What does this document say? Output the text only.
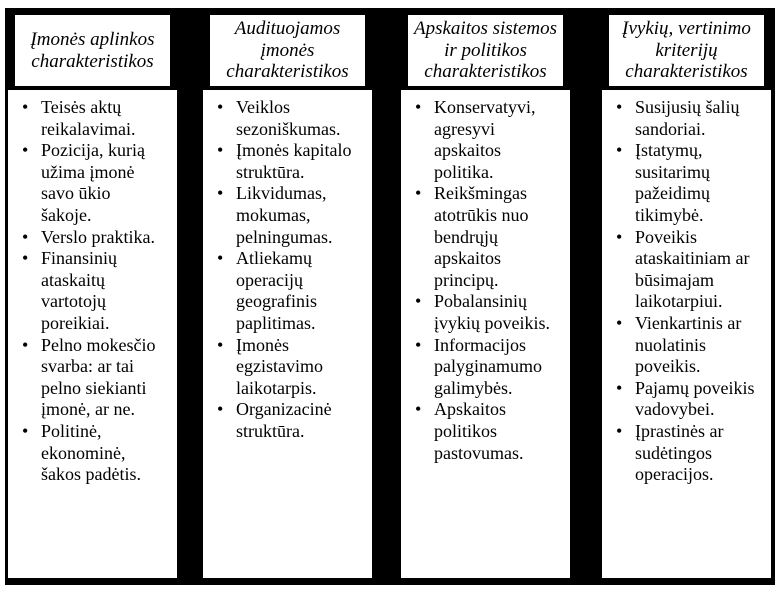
Įmonės aplinkos charakteristikos
• Teisės aktų reikalavimai.
• Pozicija, kurią užima įmonė savo ūkio šakoje.
• Verslo praktika.
• Finansinių ataskaitų vartotojų poreikiai.
• Pelno mokesčio svarba: ar tai pelno siekianti įmonė, ar ne.
• Politinė, ekonominė, šakos padėtis.
Audituojamos įmonės charakteristikos
• Veiklos sezoniškumas.
• Įmonės kapitalo struktūra.
• Likvidumas, mokumas, pelningumas.
• Atliekamų operacijų geografinis paplitimas.
• Įmonės egzistavimo laikotarpis.
• Organizacinė struktūra.
Apskaitos sistemos ir politikos charakteristikos
• Konservatyvi, agresyvi apskaitos politika.
• Reikšmingas atotrūkis nuo bendrųjų apskaitos principų.
• Pobalansinių įvykių poveikis.
• Informacijos palyginamumo galimybės.
• Apskaitos politikos pastovumas.
Įvykių, vertinimo kriterijų charakteristikos
• Susijusių šalių sandoriai.
• Įstatymų, susitarimų pažeidimų tikimybė.
• Poveikis ataskaitiniam ar būsimajam laikotarpiui.
• Vienkartinis ar nuolatinis poveikis.
• Pajamų poveikis vadovybei.
• Įprastinės ar sudėtingos operacijos.
